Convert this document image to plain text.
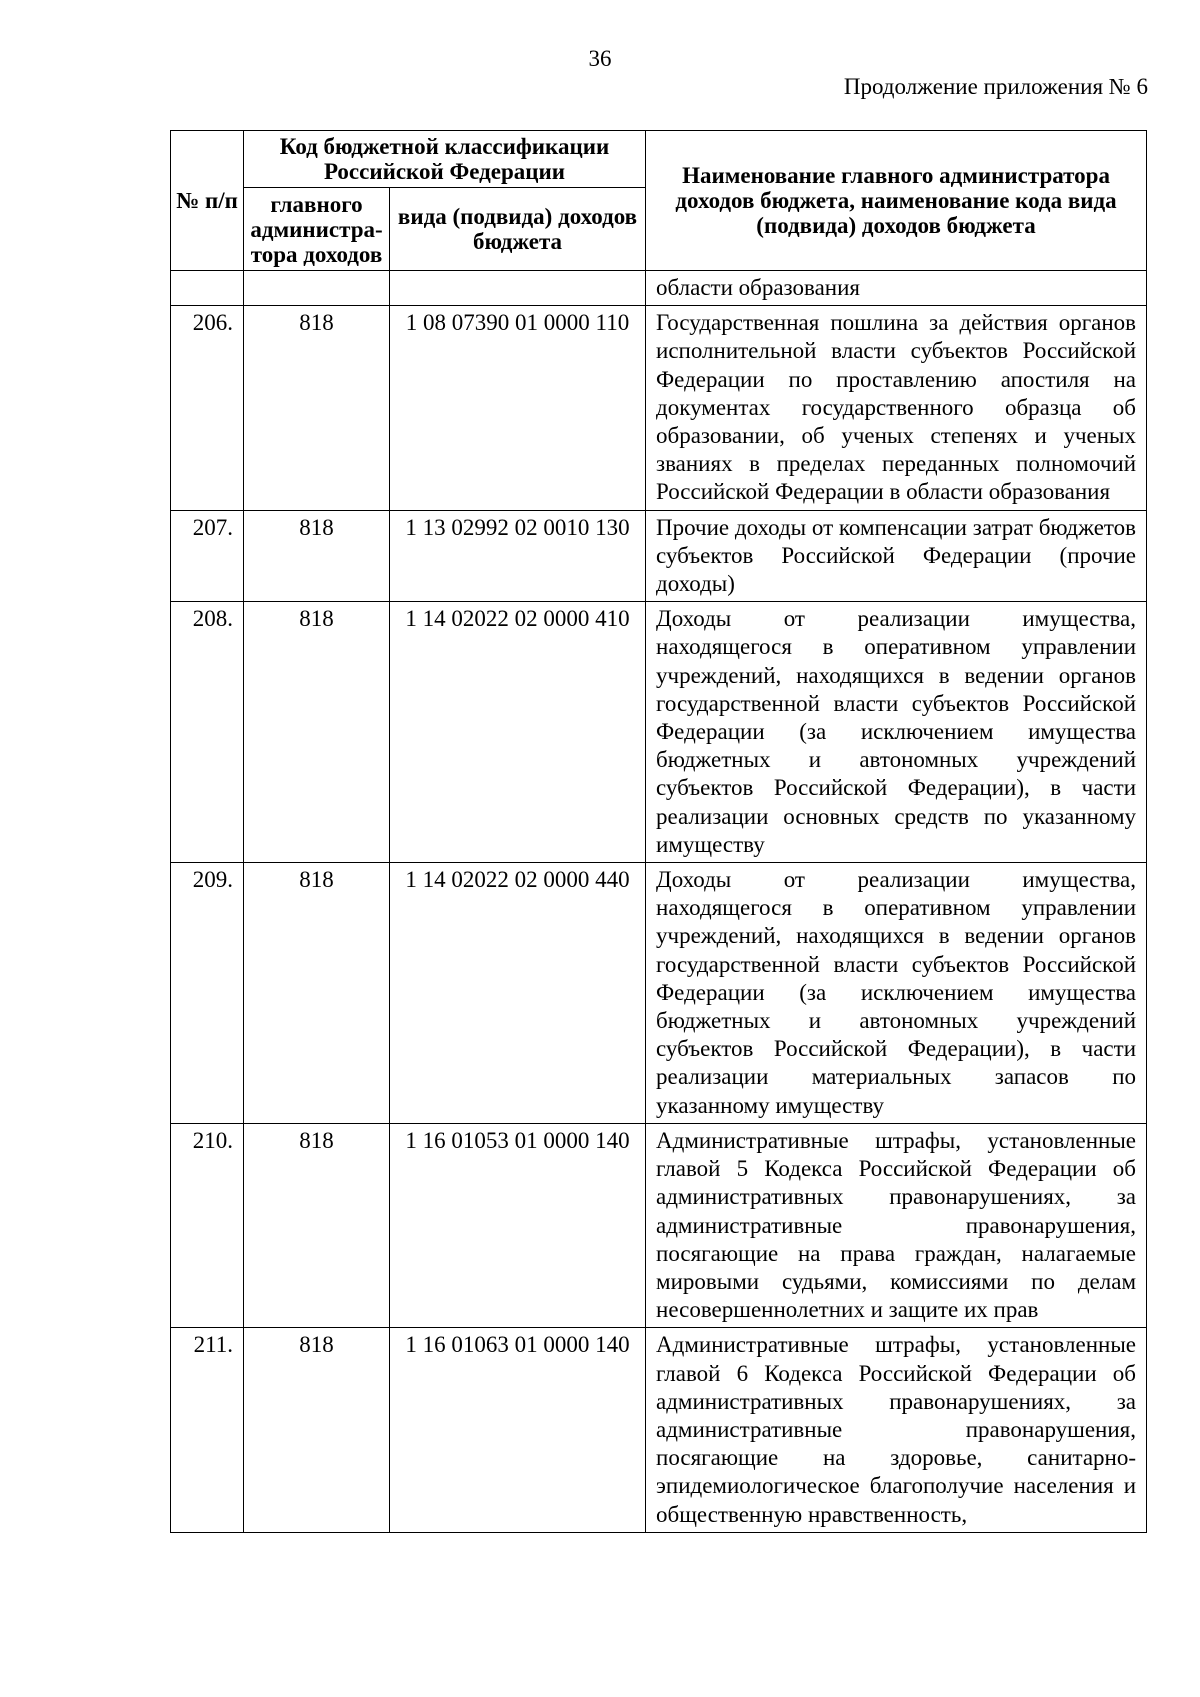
36
Продолжение приложения № 6
№ п/п	Код бюджетной классификации Российской Федерации		Наименование главного администратора доходов бюджета, наименование кода вида (подвида) доходов бюджета
	главного администра-тора доходов	вида (подвида) доходов бюджета	
			области образования
206.	818	1 08 07390 01 0000 110	Государственная пошлина за действия органов исполнительной власти субъектов Российской Федерации по проставлению апостиля на документах государственного образца об образовании, об ученых степенях и ученых званиях в пределах переданных полномочий Российской Федерации в области образования
207.	818	1 13 02992 02 0010 130	Прочие доходы от компенсации затрат бюджетов субъектов Российской Федерации (прочие доходы)
208.	818	1 14 02022 02 0000 410	Доходы от реализации имущества, находящегося в оперативном управлении учреждений, находящихся в ведении органов государственной власти субъектов Российской Федерации (за исключением имущества бюджетных и автономных учреждений субъектов Российской Федерации), в части реализации основных средств по указанному имуществу
209.	818	1 14 02022 02 0000 440	Доходы от реализации имущества, находящегося в оперативном управлении учреждений, находящихся в ведении органов государственной власти субъектов Российской Федерации (за исключением имущества бюджетных и автономных учреждений субъектов Российской Федерации), в части реализации материальных запасов по указанному имуществу
210.	818	1 16 01053 01 0000 140	Административные штрафы, установленные главой 5 Кодекса Российской Федерации об административных правонарушениях, за административные правонарушения, посягающие на права граждан, налагаемые мировыми судьями, комиссиями по делам несовершеннолетних и защите их прав
211.	818	1 16 01063 01 0000 140	Административные штрафы, установленные главой 6 Кодекса Российской Федерации об административных правонарушениях, за административные правонарушения, посягающие на здоровье, санитарно-эпидемиологическое благополучие населения и общественную нравственность,
